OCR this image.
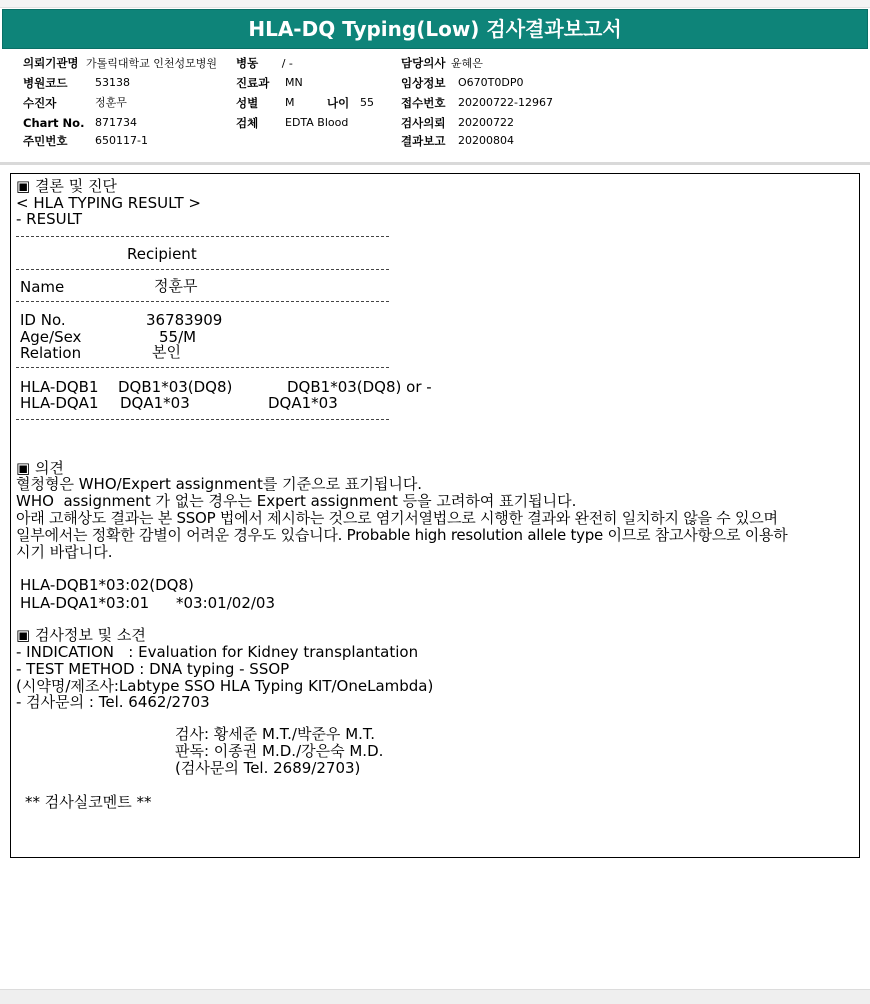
HLA-DQ Typing(Low) 검사결과보고서
의뢰기관명 가톨릭대학교 인천성모병원 병동 / -	담당의사 윤혜은
병원코드	53138	진료과 MN	임상정보 O670T0DP0
수진자	정훈무	성별 M	나이 55 접수번호 20200722-12967
Chart No. 871734	검체 EDTA Blood	검사의뢰 20200722
주민번호	650117-1	결과보고 20200804
▣ 결론 및 진단
< HLA TYPING RESULT >
- RESULT
Recipient
Name	정훈무
ID No.	36783909
Age/Sex	55/M
Relation	본인
HLA-DQB1 DQB1*03(DQ8)	DQB1*03(DQ8) or -
HLA-DQA1 DQA1*03	DQA1*03
▣ 의견
혈청형은 WHO/Expert assignment를 기준으로 표기됩니다.
WHO  assignment 가 없는 경우는 Expert assignment 등을 고려하여 표기됩니다.
아래 고해상도 결과는 본 SSOP 법에서 제시하는 것으로 염기서열법으로 시행한 결과와 완전히 일치하지 않을 수 있으며
일부에서는 정확한 감별이 어려운 경우도 있습니다. Probable high resolution allele type 이므로 참고사항으로 이용하
시기 바랍니다.
HLA-DQB1*03:02(DQ8)
HLA-DQA1*03:01 *03:01/02/03
▣ 검사정보 및 소견
- INDICATION   : Evaluation for Kidney transplantation
- TEST METHOD : DNA typing - SSOP
(시약명/제조사:Labtype SSO HLA Typing KIT/OneLambda)
- 검사문의 : Tel. 6462/2703
검사: 황세준 M.T./박준우 M.T.
판독: 이종권 M.D./강은숙 M.D.
(검사문의 Tel. 2689/2703)
** 검사실코멘트 **
